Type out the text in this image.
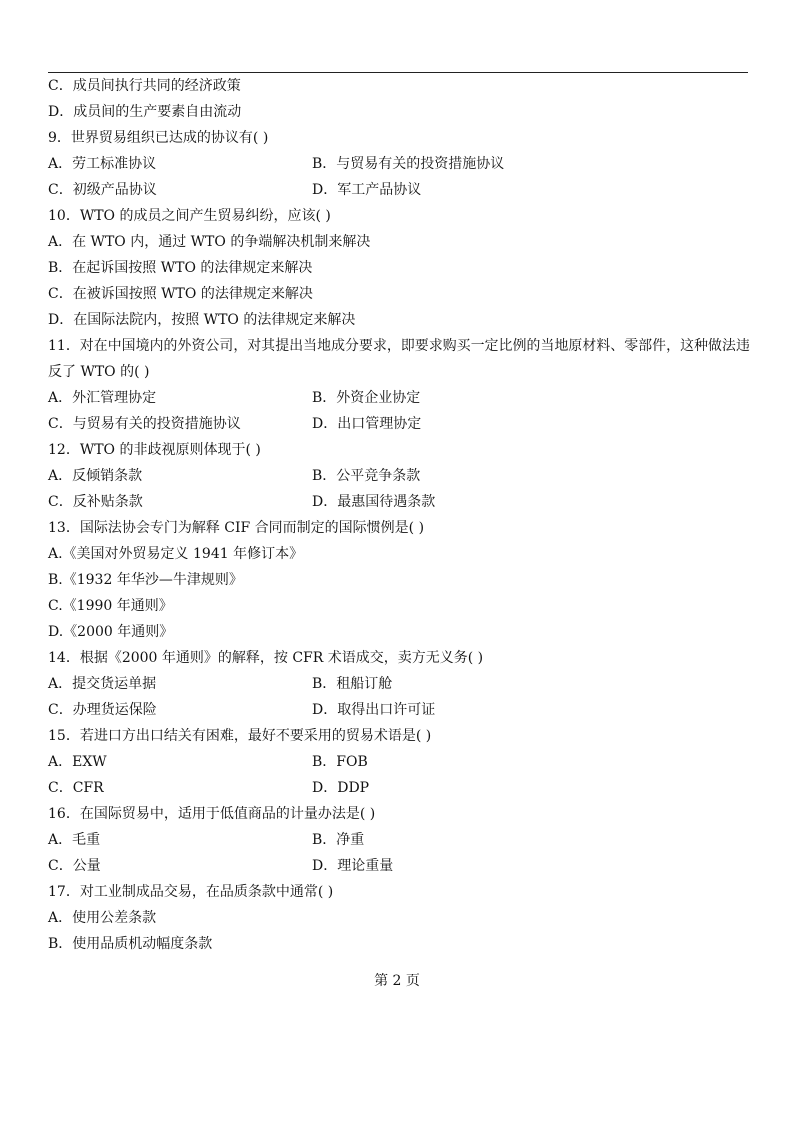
C．成员间执行共同的经济政策
D．成员间的生产要素自由流动
9．世界贸易组织已达成的协议有( )
A．劳工标准协议	B．与贸易有关的投资措施协议
C．初级产品协议	D．军工产品协议
10．WTO 的成员之间产生贸易纠纷，应该( )
A．在 WTO 内，通过 WTO 的争端解决机制来解决
B．在起诉国按照 WTO 的法律规定来解决
C．在被诉国按照 WTO 的法律规定来解决
D．在国际法院内，按照 WTO 的法律规定来解决
11．对在中国境内的外资公司，对其提出当地成分要求，即要求购买一定比例的当地原材料、零部件，这种做法违
反了 WTO 的( )
A．外汇管理协定	B．外资企业协定
C．与贸易有关的投资措施协议	D．出口管理协定
12．WTO 的非歧视原则体现于( )
A．反倾销条款	B．公平竞争条款
C．反补贴条款	D．最惠国待遇条款
13．国际法协会专门为解释 CIF 合同而制定的国际惯例是( )
A.《美国对外贸易定义 1941 年修订本》
B.《1932 年华沙—牛津规则》
C.《1990 年通则》
D.《2000 年通则》
14．根据《2000 年通则》的解释，按 CFR 术语成交，卖方无义务( )
A．提交货运单据	B．租船订舱
C．办理货运保险	D．取得出口许可证
15．若进口方出口结关有困难，最好不要采用的贸易术语是( )
A．EXW	B．FOB
C．CFR	D．DDP
16．在国际贸易中，适用于低值商品的计量办法是( )
A．毛重	B．净重
C．公量	D．理论重量
17．对工业制成品交易，在品质条款中通常( )
A．使用公差条款
B．使用品质机动幅度条款
第 2 页
